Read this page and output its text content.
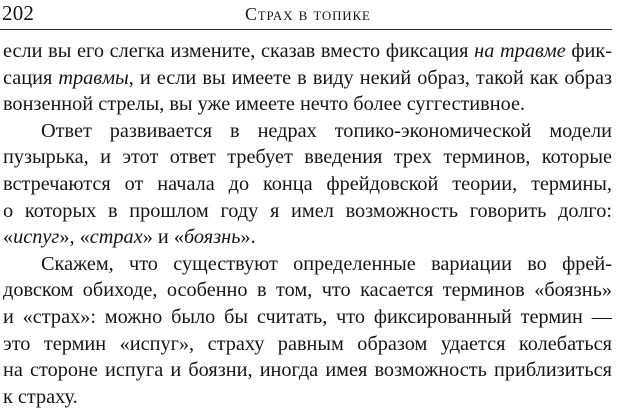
202	Страх в топике
если вы его слегка измените, сказав вместо фиксация на травме фик-
сация травмы, и если вы имеете в виду некий образ, такой как образ
вонзенной стрелы, вы уже имеете нечто более суггестивное.
Ответ развивается в недрах топико-экономической модели
пузырька, и этот ответ требует введения трех терминов, которые
встречаются от начала до конца фрейдовской теории, термины,
о которых в прошлом году я имел возможность говорить долго:
«испуг», «страх» и «боязнь».
Скажем, что существуют определенные вариации во фрей-
довском обиходе, особенно в том, что касается терминов «боязнь»
и «страх»: можно было бы считать, что фиксированный термин —
это термин «испуг», страху равным образом удается колебаться
на стороне испуга и боязни, иногда имея возможность приблизиться
к страху.
